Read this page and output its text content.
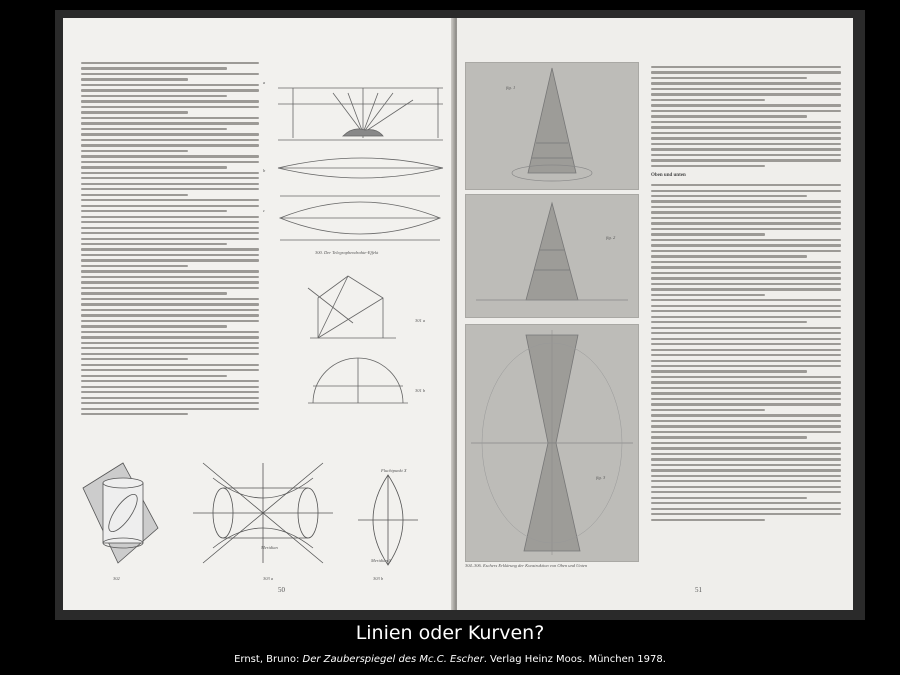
a
b
c
300. Der Telegraphendrahte-Effekt
301 a
301 b
302
Meridian
303 a
Fluchtpunkt X
Meridian S
303 b
50
fig. 1
fig. 2
fig. 3
304–306. Eschers Erklärung der Konstruktion von Oben und Unten
Oben und unten
51
Linien oder Kurven?
Ernst, Bruno: Der Zauberspiegel des Mc.C. Escher. Verlag Heinz Moos. München 1978.
